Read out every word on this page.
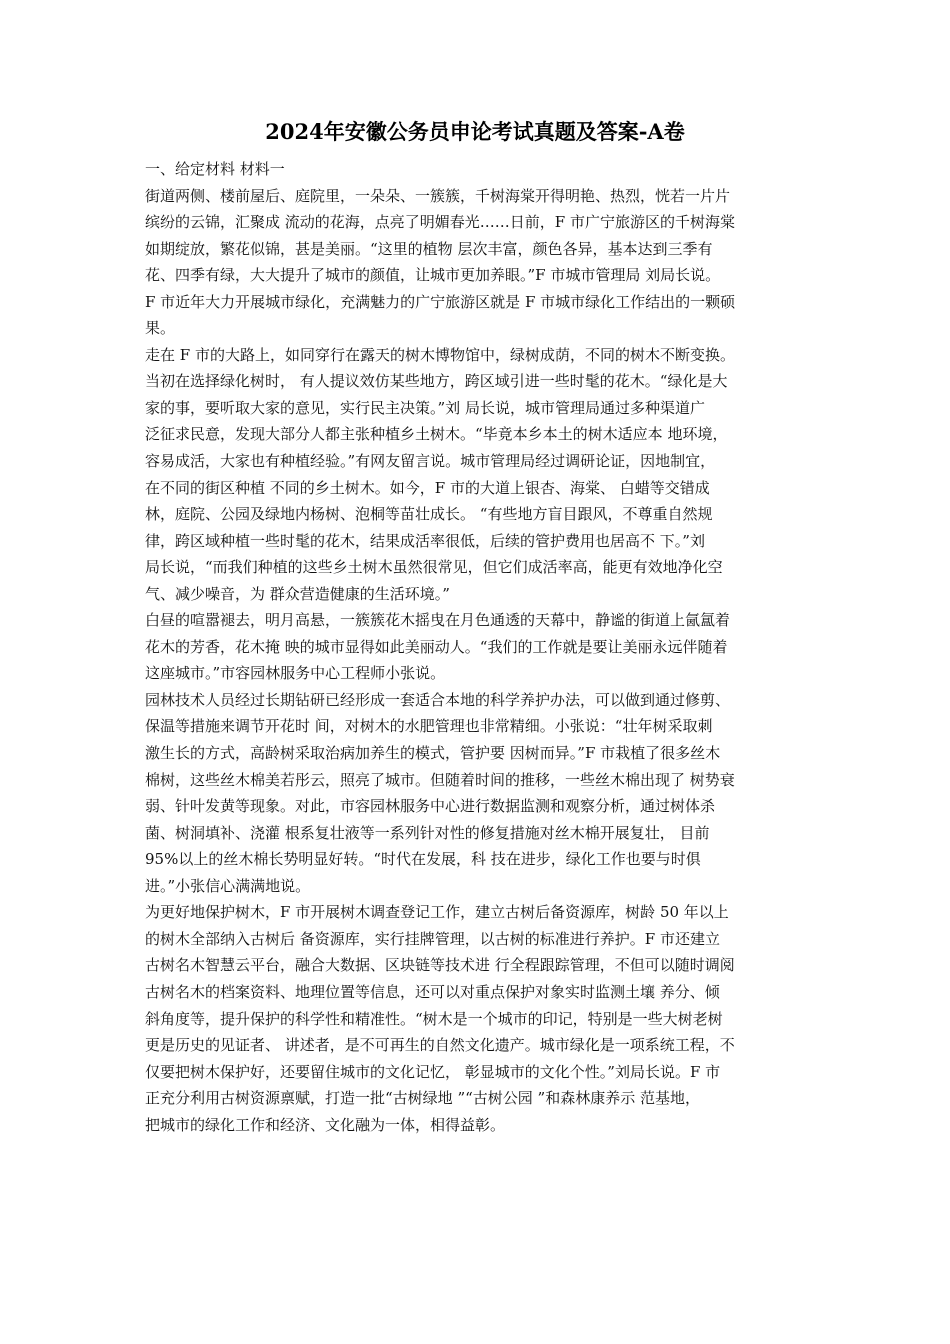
2024年安徽公务员申论考试真题及答案-A卷
一、给定材料 材料一
街道两侧、楼前屋后、庭院里，一朵朵、一簇簇，千树海棠开得明艳、热烈，恍若一片片
缤纷的云锦，汇聚成 流动的花海，点亮了明媚春光……日前，F 市广宁旅游区的千树海棠
如期绽放，繁花似锦，甚是美丽。“这里的植物 层次丰富，颜色各异，基本达到三季有
花、四季有绿，大大提升了城市的颜值，让城市更加养眼。”F 市城市管理局 刘局长说。
F 市近年大力开展城市绿化，充满魅力的广宁旅游区就是 F 市城市绿化工作结出的一颗硕
果。
走在 F 市的大路上，如同穿行在露天的树木博物馆中，绿树成荫，不同的树木不断变换。
当初在选择绿化树时， 有人提议效仿某些地方，跨区域引进一些时髦的花木。“绿化是大
家的事，要听取大家的意见，实行民主决策。”刘 局长说，城市管理局通过多种渠道广
泛征求民意，发现大部分人都主张种植乡土树木。“毕竟本乡本土的树木适应本 地环境，
容易成活，大家也有种植经验。”有网友留言说。城市管理局经过调研论证，因地制宜，
在不同的街区种植 不同的乡土树木。如今，F 市的大道上银杏、海棠、 白蜡等交错成
林，庭院、公园及绿地内杨树、泡桐等苗壮成长。 “有些地方盲目跟风，不尊重自然规
律，跨区域种植一些时髦的花木，结果成活率很低，后续的管护费用也居高不 下。”刘
局长说，“而我们种植的这些乡土树木虽然很常见，但它们成活率高，能更有效地净化空
气、减少噪音，为 群众营造健康的生活环境。”
白昼的喧嚣褪去，明月高悬，一簇簇花木摇曳在月色通透的天幕中，静谧的街道上氤氲着
花木的芳香，花木掩 映的城市显得如此美丽动人。“我们的工作就是要让美丽永远伴随着
这座城市。”市容园林服务中心工程师小张说。
园林技术人员经过长期钻研已经形成一套适合本地的科学养护办法，可以做到通过修剪、
保温等措施来调节开花时 间，对树木的水肥管理也非常精细。小张说：“壮年树采取刺
激生长的方式，高龄树采取治病加养生的模式，管护要 因树而异。”F 市栽植了很多丝木
棉树，这些丝木棉美若彤云，照亮了城市。但随着时间的推移，一些丝木棉出现了 树势衰
弱、针叶发黄等现象。对此，市容园林服务中心进行数据监测和观察分析，通过树体杀
菌、树洞填补、浇灌 根系复壮液等一系列针对性的修复措施对丝木棉开展复壮， 目前
95%以上的丝木棉长势明显好转。“时代在发展，科 技在进步，绿化工作也要与时俱
进。”小张信心满满地说。
为更好地保护树木，F 市开展树木调查登记工作，建立古树后备资源库，树龄 50 年以上
的树木全部纳入古树后 备资源库，实行挂牌管理，以古树的标准进行养护。F 市还建立
古树名木智慧云平台，融合大数据、区块链等技术进 行全程跟踪管理，不但可以随时调阅
古树名木的档案资料、地理位置等信息，还可以对重点保护对象实时监测土壤 养分、倾
斜角度等，提升保护的科学性和精准性。“树木是一个城市的印记，特别是一些大树老树
更是历史的见证者、 讲述者，是不可再生的自然文化遗产。城市绿化是一项系统工程，不
仅要把树木保护好，还要留住城市的文化记忆， 彰显城市的文化个性。”刘局长说。F 市
正充分利用古树资源禀赋，打造一批“古树绿地 ”“古树公园 ”和森林康养示 范基地，
把城市的绿化工作和经济、文化融为一体，相得益彰。
